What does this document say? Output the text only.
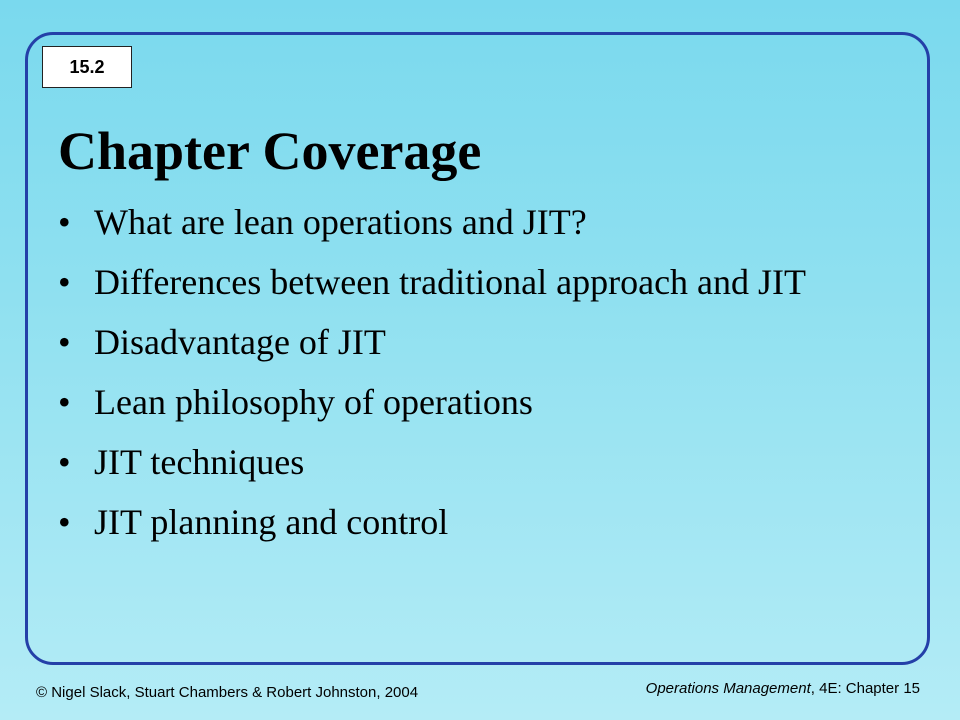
15.2
Chapter Coverage
• What are lean operations and JIT?
• Differences between traditional approach and JIT
• Disadvantage of JIT
• Lean philosophy of operations
• JIT techniques
• JIT planning and control
© Nigel Slack, Stuart Chambers & Robert Johnston, 2004	Operations Management, 4E: Chapter 15
